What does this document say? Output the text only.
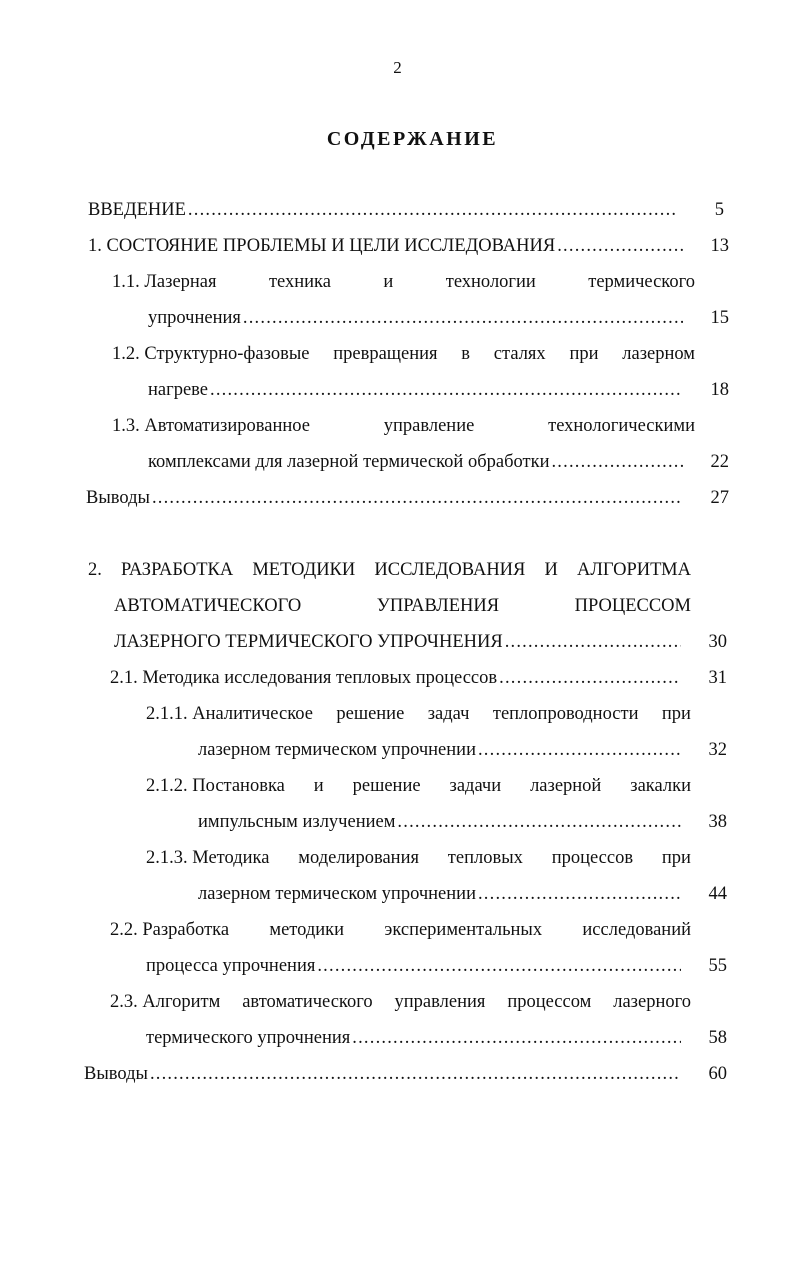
2
СОДЕРЖАНИЕ
ВВЕДЕНИЕ .....	5
1. СОСТОЯНИЕ ПРОБЛЕМЫ И ЦЕЛИ ИССЛЕДОВАНИЯ .....	13
1.1. Лазерная	техника	и	технологии	термического
упрочнения .....	15
1.2. Структурно-фазовые превращения в сталях при лазерном
нагреве .....	18
1.3. Автоматизированное	управление	технологическими
комплексами для лазерной термической обработки .....	22
Выводы .....	27
2. РАЗРАБОТКА МЕТОДИКИ ИССЛЕДОВАНИЯ И АЛГОРИТМА
АВТОМАТИЧЕСКОГО	УПРАВЛЕНИЯ	ПРОЦЕССОМ
ЛАЗЕРНОГО ТЕРМИЧЕСКОГО УПРОЧНЕНИЯ .....	30
2.1. Методика исследования тепловых процессов .....	31
2.1.1. Аналитическое решение задач теплопроводности при
лазерном термическом упрочнении .....	32
2.1.2. Постановка и решение задачи лазерной закалки
импульсным излучением .....	38
2.1.3. Методика моделирования тепловых процессов при
лазерном термическом упрочнении .....	44
2.2. Разработка методики экспериментальных исследований
процесса упрочнения .....	55
2.3. Алгоритм автоматического управления процессом лазерного
термического упрочнения .....	58
Выводы .....	60
